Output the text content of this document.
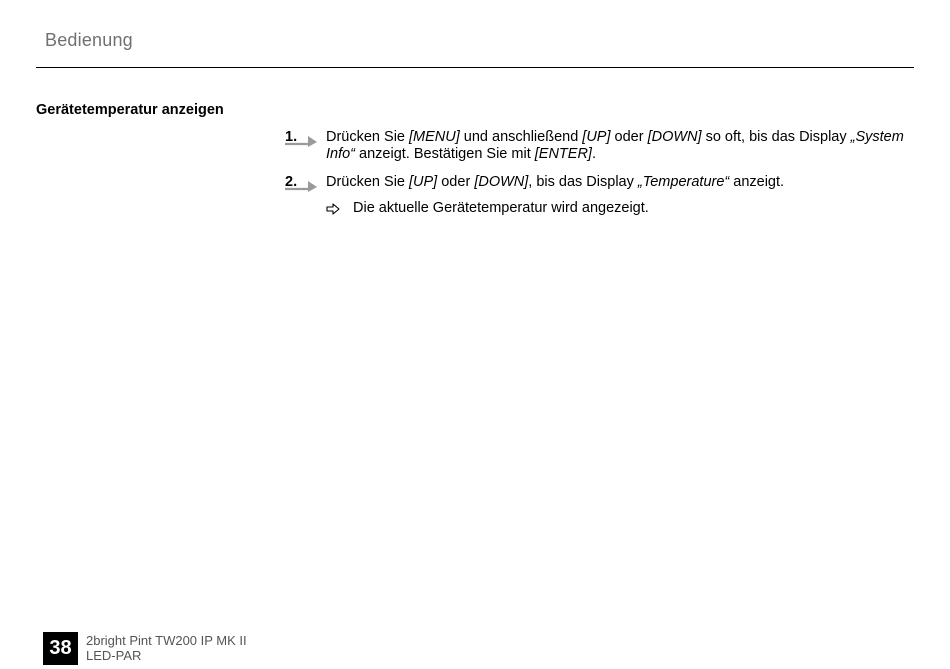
Bedienung
Gerätetemperatur anzeigen
1. Drücken Sie [MENU] und anschließend [UP] oder [DOWN] so oft, bis das Display „System Info“ anzeigt. Bestätigen Sie mit [ENTER].
2. Drücken Sie [UP] oder [DOWN], bis das Display „Temperature“ anzeigt.
Die aktuelle Gerätetemperatur wird angezeigt.
38	2bright Pint TW200 IP MK II
LED-PAR
